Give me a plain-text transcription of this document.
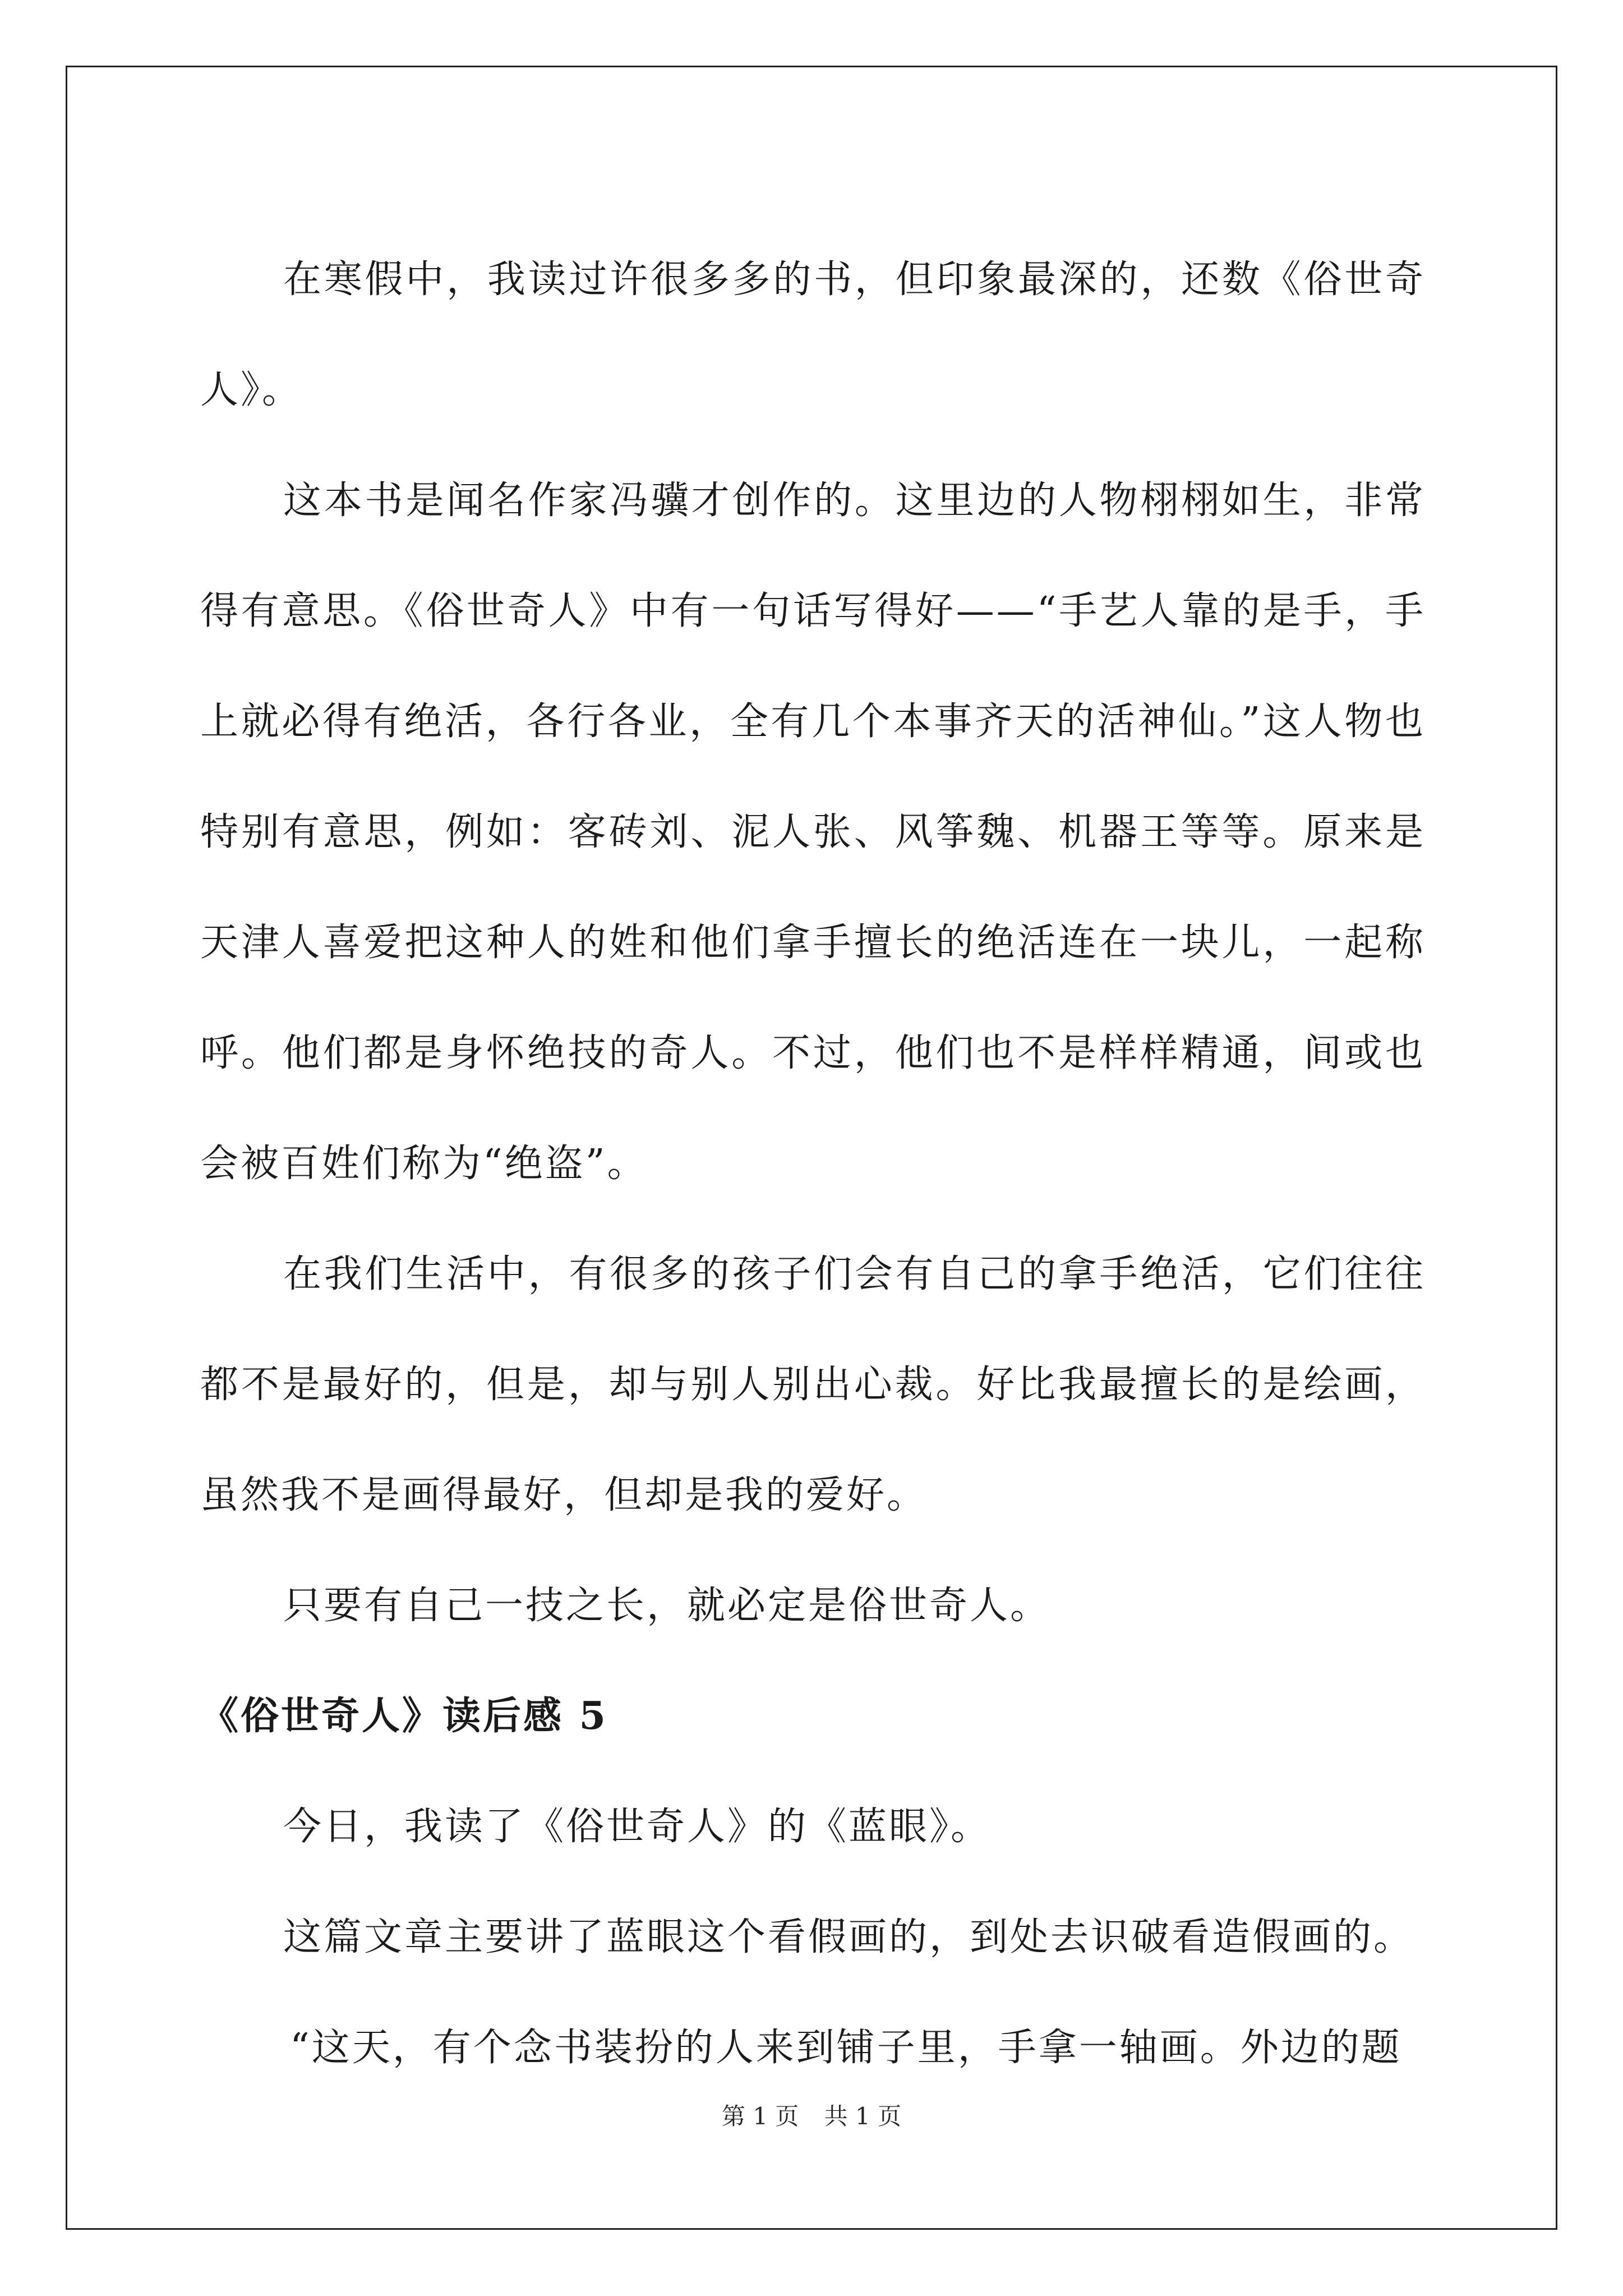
在寒假中，我读过许很多多的书，但印象最深的，还数《俗世奇人》。

这本书是闻名作家冯骥才创作的。这里边的人物栩栩如生，非常得有意思。《俗世奇人》中有一句话写得好——“手艺人靠的是手，手上就必得有绝活，各行各业，全有几个本事齐天的活神仙。”这人物也特别有意思，例如：客砖刘、泥人张、风筝魏、机器王等等。原来是天津人喜爱把这种人的姓和他们拿手擅长的绝活连在一块儿，一起称呼。他们都是身怀绝技的奇人。不过，他们也不是样样精通，间或也会被百姓们称为“绝盗”。

在我们生活中，有很多的孩子们会有自己的拿手绝活，它们往往都不是最好的，但是，却与别人别出心裁。好比我最擅长的是绘画，虽然我不是画得最好，但却是我的爱好。

只要有自己一技之长，就必定是俗世奇人。

《俗世奇人》读后感 5

今日，我读了《俗世奇人》的《蓝眼》。

这篇文章主要讲了蓝眼这个看假画的，到处去识破看造假画的。

“这天，有个念书装扮的人来到铺子里，手拿一轴画。外边的题

第 1 页 共 1 页
